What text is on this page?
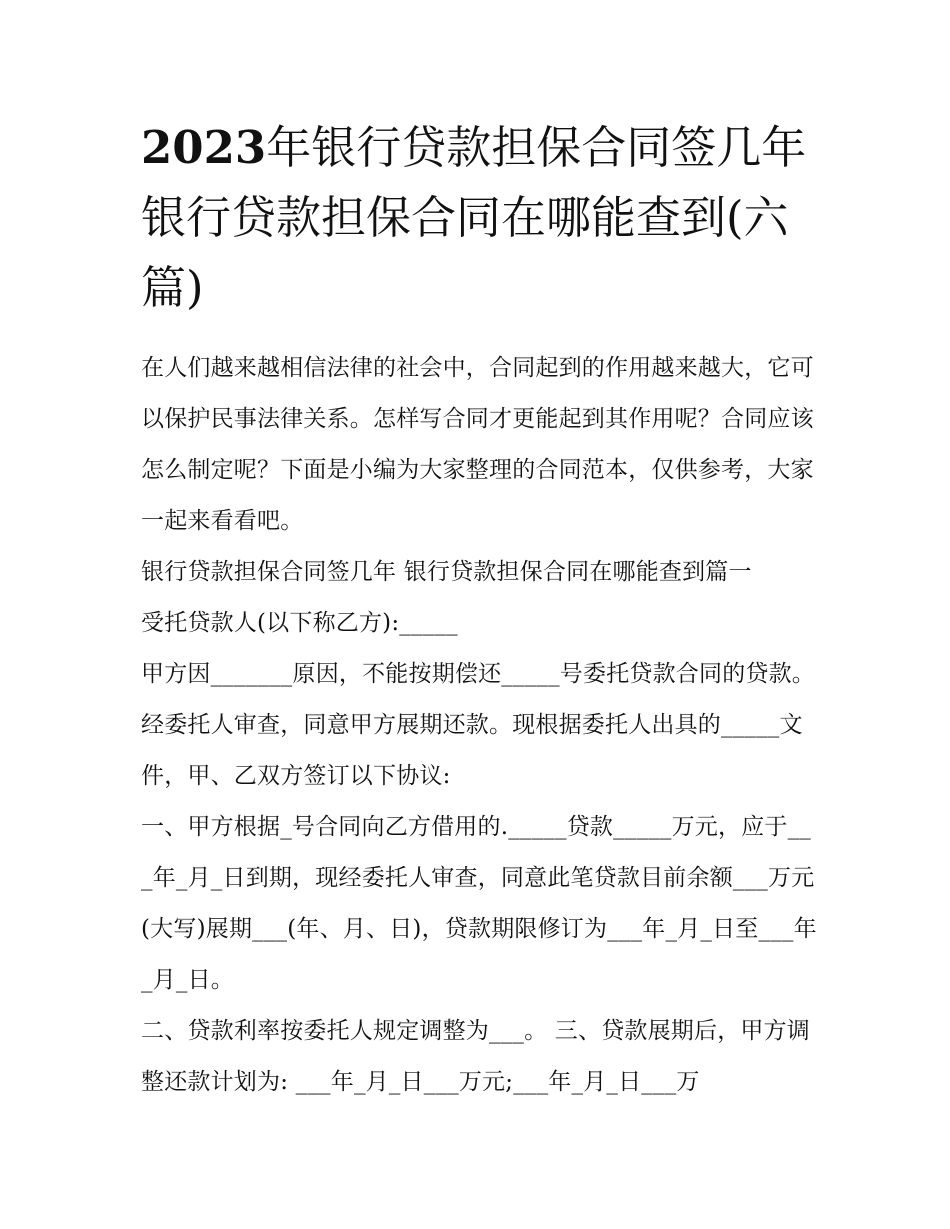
2023年银行贷款担保合同签几年 银行贷款担保合同在哪能查到(六篇)

在人们越来越相信法律的社会中，合同起到的作用越来越大，它可以保护民事法律关系。怎样写合同才更能起到其作用呢？合同应该怎么制定呢？下面是小编为大家整理的合同范本，仅供参考，大家一起来看看吧。

银行贷款担保合同签几年 银行贷款担保合同在哪能查到篇一

受托贷款人(以下称乙方):_____

甲方因_______原因，不能按期偿还_____号委托贷款合同的贷款。经委托人审查，同意甲方展期还款。现根据委托人出具的_____文件，甲、乙双方签订以下协议:

一、甲方根据_号合同向乙方借用的._____贷款_____万元，应于___年_月_日到期，现经委托人审查，同意此笔贷款目前余额___万元(大写)展期___(年、月、日)，贷款期限修订为___年_月_日至___年_月_日。

二、贷款利率按委托人规定调整为___。 三、贷款展期后，甲方调整还款计划为: ___年_月_日___万元;___年_月_日___万
